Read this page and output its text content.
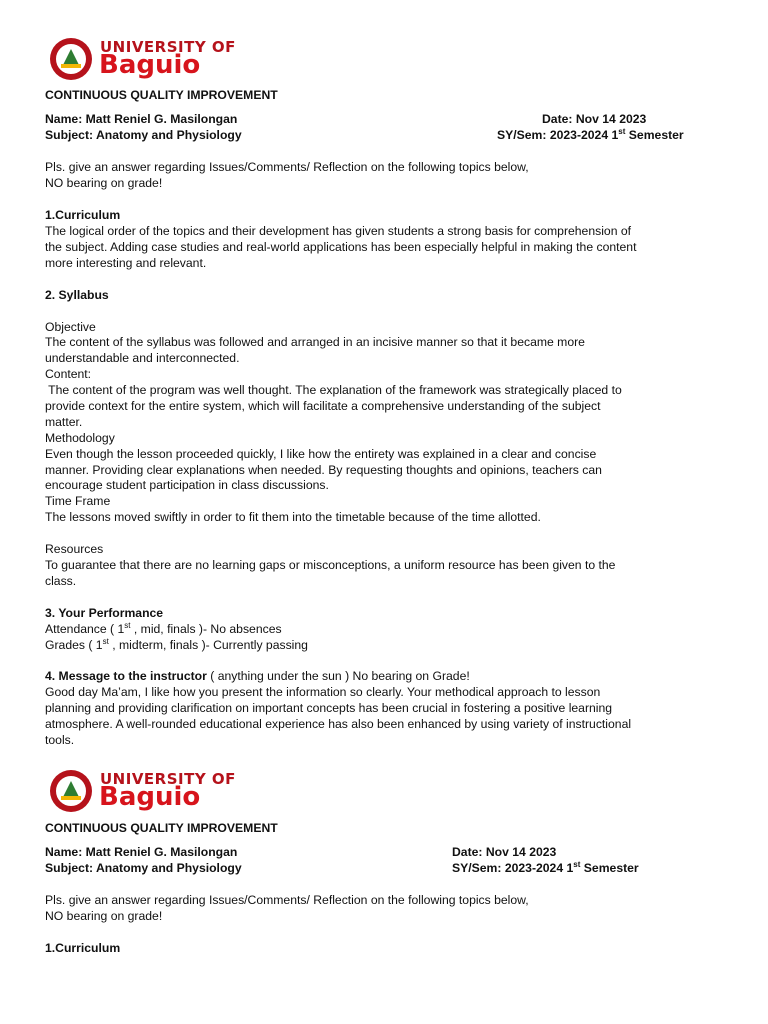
UNIVERSITY OF
Baguio
CONTINUOUS QUALITY IMPROVEMENT
Name: Matt Reniel G. Masilongan	Date: Nov 14 2023
Subject: Anatomy and Physiology	SY/Sem: 2023-2024 1st Semester
Pls. give an answer regarding Issues/Comments/ Reflection on the following topics below,
NO bearing on grade!
1.Curriculum
The logical order of the topics and their development has given students a strong basis for comprehension of
the subject. Adding case studies and real-world applications has been especially helpful in making the content
more interesting and relevant.
2. Syllabus
Objective
The content of the syllabus was followed and arranged in an incisive manner so that it became more
understandable and interconnected.
Content:
The content of the program was well thought. The explanation of the framework was strategically placed to
provide context for the entire system, which will facilitate a comprehensive understanding of the subject
matter.
Methodology
Even though the lesson proceeded quickly, I like how the entirety was explained in a clear and concise
manner. Providing clear explanations when needed. By requesting thoughts and opinions, teachers can
encourage student participation in class discussions.
Time Frame
The lessons moved swiftly in order to fit them into the timetable because of the time allotted.
Resources
To guarantee that there are no learning gaps or misconceptions, a uniform resource has been given to the
class.
3. Your Performance
Attendance ( 1st , mid, finals )- No absences
Grades ( 1st , midterm, finals )- Currently passing
4. Message to the instructor ( anything under the sun ) No bearing on Grade!
Good day Ma’am, I like how you present the information so clearly. Your methodical approach to lesson
planning and providing clarification on important concepts has been crucial in fostering a positive learning
atmosphere. A well-rounded educational experience has also been enhanced by using variety of instructional
tools.
UNIVERSITY OF
Baguio
CONTINUOUS QUALITY IMPROVEMENT
Name: Matt Reniel G. Masilongan	Date: Nov 14 2023
Subject: Anatomy and Physiology	SY/Sem: 2023-2024 1st Semester
Pls. give an answer regarding Issues/Comments/ Reflection on the following topics below,
NO bearing on grade!
1.Curriculum
